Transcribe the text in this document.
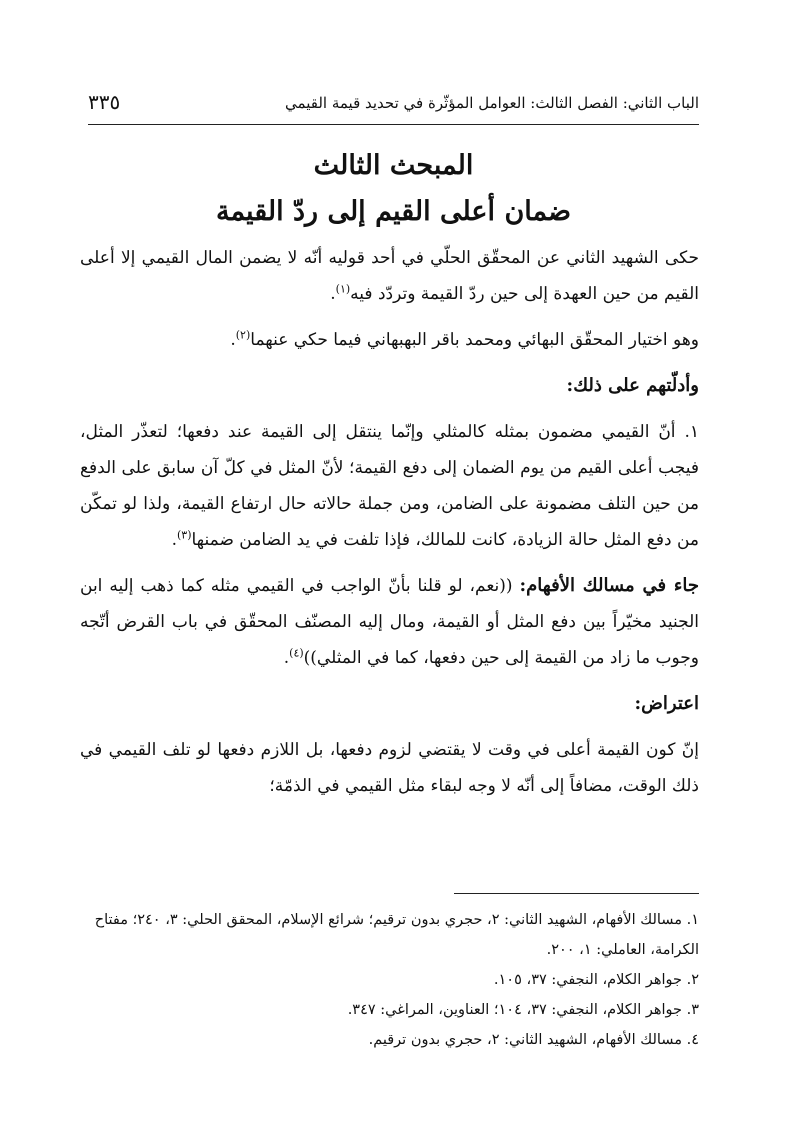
الباب الثاني: الفصل الثالث: العوامل المؤثّرة في تحديد قيمة القيمي
٣٣٥
المبحث الثالث
ضمان أعلى القيم إلى ردّ القيمة

حكى الشهيد الثاني عن المحقّق الحلّي في أحد قوليه أنّه لا يضمن المال القيمي إلا أعلى القيم من حين العهدة إلى حين ردّ القيمة وتردّد فيه$^{(١)}$.

وهو اختيار المحقّق البهائي ومحمد باقر البهبهاني فيما حكي عنهما$^{(٢)}$.

وأدلّتهم على ذلك:

١. أنّ القيمي مضمون بمثله كالمثلي وإنّما ينتقل إلى القيمة عند دفعها؛ لتعذّر المثل، فيجب أعلى القيم من يوم الضمان إلى دفع القيمة؛ لأنّ المثل في كلّ آن سابق على الدفع من حين التلف مضمونة على الضامن، ومن جملة حالاته حال ارتفاع القيمة، ولذا لو تمكّن من دفع المثل حالة الزيادة، كانت للمالك، فإذا تلفت في يد الضامن ضمنها$^{(٣)}$.

جاء في مسالك الأفهام: ((نعم، لو قلنا بأنّ الواجب في القيمي مثله كما ذهب إليه ابن الجنيد مخيّراً بين دفع المثل أو القيمة، ومال إليه المصنّف المحقّق في باب القرض أتّجه وجوب ما زاد من القيمة إلى حين دفعها، كما في المثلي))$^{(٤)}$.

اعتراض:

إنّ كون القيمة أعلى في وقت لا يقتضي لزوم دفعها، بل اللازم دفعها لو تلف القيمي في ذلك الوقت، مضافاً إلى أنّه لا وجه لبقاء مثل القيمي في الذمّة؛

١. مسالك الأفهام، الشهيد الثاني: ٢، حجري بدون ترقيم؛ شرائع الإسلام، المحقق الحلي: ٣، ٢٤٠؛ مفتاح الكرامة، العاملي: ١، ٢٠٠.

٢. جواهر الكلام، النجفي: ٣٧، ١٠٥.

٣. جواهر الكلام، النجفي: ٣٧، ١٠٤؛ العناوين، المراغي: ٣٤٧.

٤. مسالك الأفهام، الشهيد الثاني: ٢، حجري بدون ترقيم.
